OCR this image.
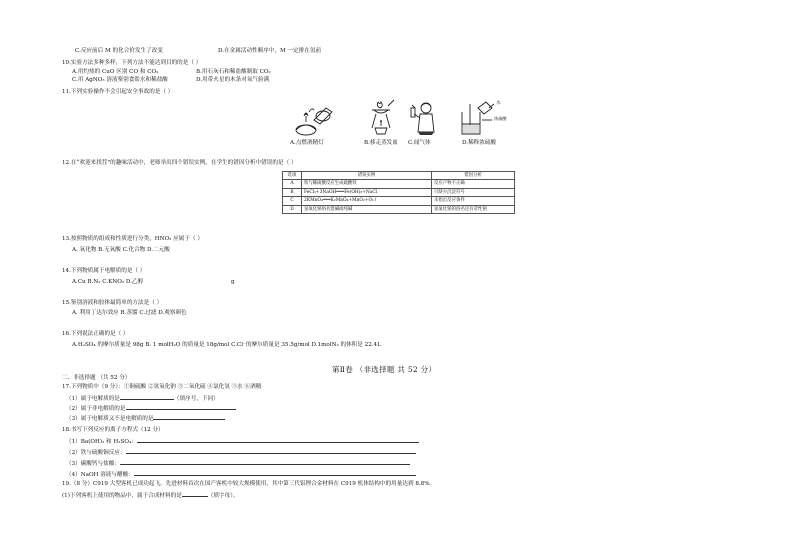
C.反应前后 M 的化合价发生了改变	D.在金属活动性顺序中，M 一定排在氢前
10.实验方法多种多样，下列方法不能达到目的的是（ ）
A.用灼热的 CuO 区别 CO 和 CO₂	B.用石灰石和稀盐酸制取 CO₂
C.用 AgNO₃ 溶液鉴别食盐水和稀盐酸	D.用带火星的木条对氧气验满
11.下列实验操作不会引起安全事故的是（ ）
A.点燃酒精灯	B.移走蒸发皿 C.闻气体
水
浓硫酸
D.稀释浓硫酸
12.在“欢迎来找茬”的趣味活动中，老师举出四个错误实例，在学生的错因分析中错误的是（ ）
选项	错误实例	错因分析
A	铁与稀硫酸反应生成硫酸铁	反应产物不正确
B	FeCl₃+3NaOH═══Fe(OH)₃+NaCl	只缺少沉淀符号
C	2KMnO₄═══K₂MnO₄+MnO₂+O₂↑	未指出反应条件
D	氢氧化钠俗名烧碱或纯碱	氢氧化钠的俗名还有苛性钠
13.按照物质的组成和性质进行分类，HNO₃ 应属于（ ）
A. 氧化物 B.无氧酸 C.化合物 D.二元酸
14.下列物质属于电解质的是（ ）
A.Cu B.N₂ C.KNO₃ D.乙醇	g
15.鉴别溶液和胶体最简单的方法是（ ）
A. 利用丁达尔效应 B.蒸馏 C.过滤 D.观察颜色
16.下列说法正确的是（ ）
A.H₂SO₄ 的摩尔质量是 98g B. 1 molH₂O 的质量是 18g/mol C.Cl⁻的摩尔质量是 35.5g/mol D.1molN₂ 的体积是 22.4L
第Ⅱ卷 （非选择题 共 52 分）
二、非选择题 （共 52 分）
17.下列物质中（9 分）：①铜硫酸 ②氢氧化钠 ③二氧化硫 ④氯化氢 ⑤水 ⑥酒精
（1）属于电解质的是	（填序号，下同）
（2）属于非电解质的是
（3）属于电解质又不是电解质的是
18.书写下列反应的离子方程式（12 分）
（1）Ba(OH)₂ 和 H₂SO₄：
（2）铁与硫酸铜反应：
（3）碳酸钙与盐酸：
（4）NaOH 溶液与醋酸：
19.（8 分）C919 大型客机已成功起飞。先进材料首次在国产客机中较大规模使用，其中第三代铝锂合金材料在 C919 机体结构中的用量达到 8.8%。
(1)下列客机上使用的物品中，属于合成材料的是	（填字母）。
